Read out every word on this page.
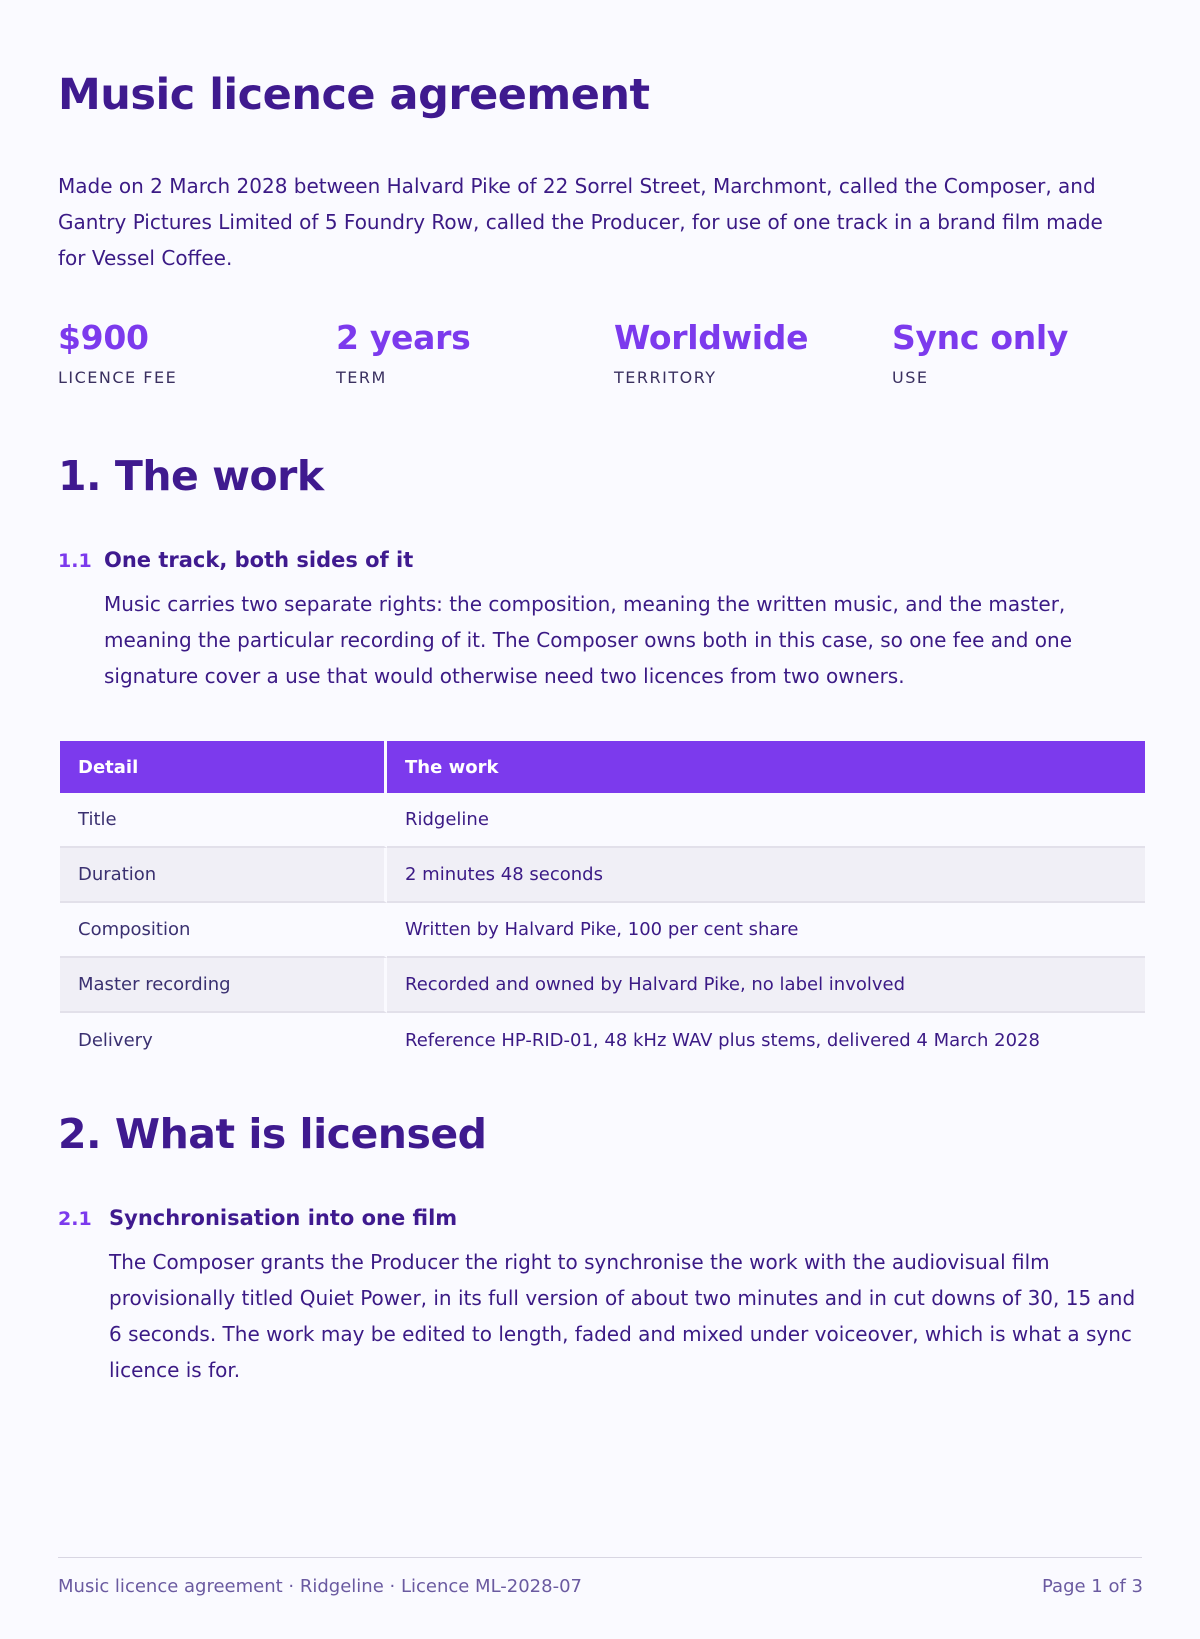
Music licence agreement

Made on 2 March 2028 between Halvard Pike of 22 Sorrel Street, Marchmont, called the Composer, and Gantry Pictures Limited of 5 Foundry Row, called the Producer, for use of one track in a brand film made for Vessel Coffee.

$900
LICENCE FEE
2 years
TERM
Worldwide
TERRITORY
Sync only
USE
1. The work
1.1 One track, both sides of it

Music carries two separate rights: the composition, meaning the written music, and the master, meaning the particular recording of it. The Composer owns both in this case, so one fee and one signature cover a use that would otherwise need two licences from two owners.

Detail	The work
Title	Ridgeline
Duration	2 minutes 48 seconds
Composition	Written by Halvard Pike, 100 per cent share
Master recording	Recorded and owned by Halvard Pike, no label involved
Delivery	Reference HP-RID-01, 48 kHz WAV plus stems, delivered 4 March 2028
2. What is licensed
2.1 Synchronisation into one film

The Composer grants the Producer the right to synchronise the work with the audiovisual film provisionally titled Quiet Power, in its full version of about two minutes and in cut downs of 30, 15 and 6 seconds. The work may be edited to length, faded and mixed under voiceover, which is what a sync licence is for.

Music licence agreement · Ridgeline · Licence ML-2028-07	Page 1 of 3
